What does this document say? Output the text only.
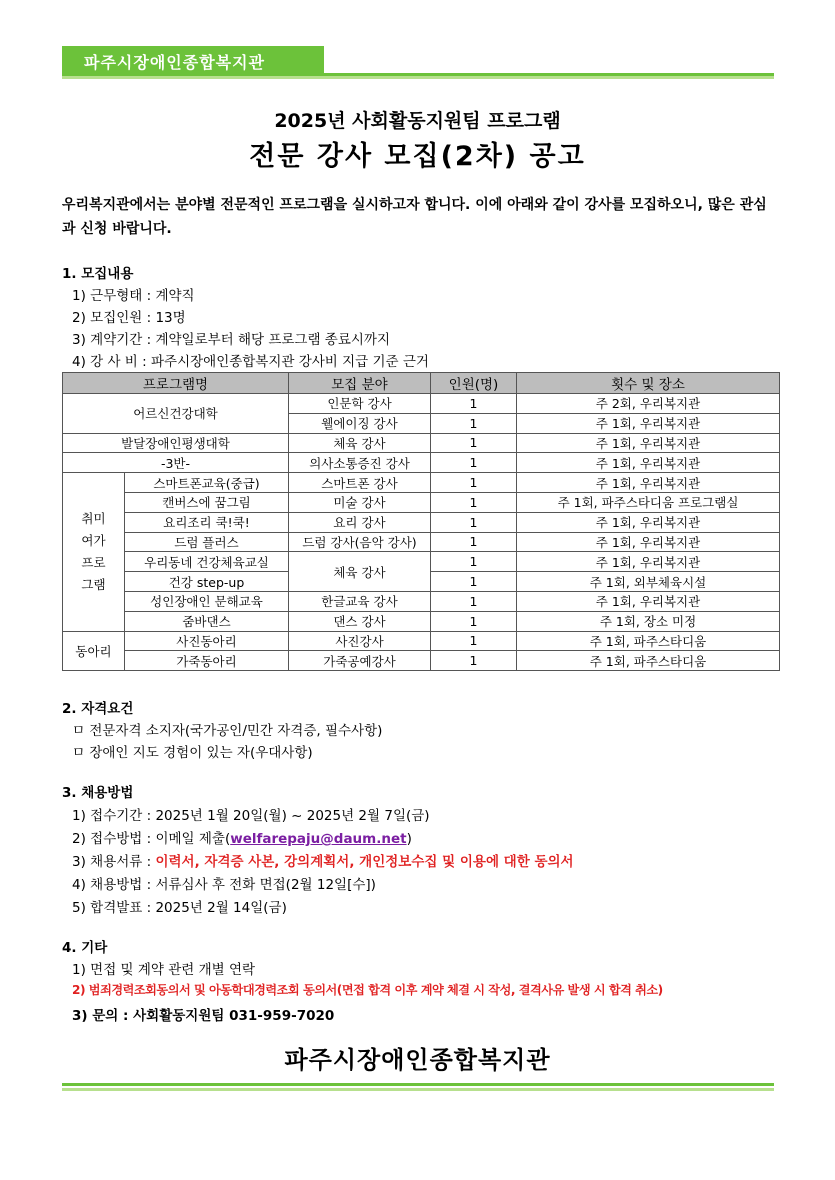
파주시장애인종합복지관
2025년 사회활동지원팀 프로그램
전문 강사 모집(2차) 공고
우리복지관에서는 분야별 전문적인 프로그램을 실시하고자 합니다. 이에 아래와 같이 강사를 모집하오니, 많은 관심과 신청 바랍니다.
1. 모집내용
1) 근무형태 : 계약직
2) 모집인원 : 13명
3) 계약기간 : 계약일로부터 해당 프로그램 종료시까지
4) 강 사 비 : 파주시장애인종합복지관 강사비 지급 기준 근거
프로그램명		모집 분야	인원(명)	횟수 및 장소
어르신건강대학		인문학 강사	1	주 2회, 우리복지관
		웰에이징 강사	1	주 1회, 우리복지관
발달장애인평생대학		체육 강사	1	주 1회, 우리복지관
-3반-		의사소통증진 강사	1	주 1회, 우리복지관

취미
여가
프로
그램	스마트폰교육(중급)	스마트폰 강사	1	주 1회, 우리복지관
	캔버스에 꿈그림	미술 강사	1	주 1회, 파주스타디움 프로그램실
	요리조리 쿡!쿡!	요리 강사	1	주 1회, 우리복지관
	드럼 플러스	드럼 강사(음악 강사)	1	주 1회, 우리복지관
	우리동네 건강체육교실	체육 강사	1	주 1회, 우리복지관
	건강 step-up		1	주 1회, 외부체육시설
	성인장애인 문해교육	한글교육 강사	1	주 1회, 우리복지관
	줌바댄스	댄스 강사	1	주 1회, 장소 미정
동아리	사진동아리	사진강사	1	주 1회, 파주스타디움
	가죽동아리	가죽공예강사	1	주 1회, 파주스타디움
2. 자격요건
ㅁ 전문자격 소지자(국가공인/민간 자격증, 필수사항)
ㅁ 장애인 지도 경험이 있는 자(우대사항)
3. 채용방법
1) 접수기간 : 2025년 1월 20일(월) ~ 2025년 2월 7일(금)
2) 접수방법 : 이메일 제출(welfarepaju@daum.net)
3) 채용서류 : 이력서, 자격증 사본, 강의계획서, 개인정보수집 및 이용에 대한 동의서
4) 채용방법 : 서류심사 후 전화 면접(2월 12일[수])
5) 합격발표 : 2025년 2월 14일(금)
4. 기타
1) 면접 및 계약 관련 개별 연락
2) 범죄경력조회동의서 및 아동학대경력조회 동의서(면접 합격 이후 계약 체결 시 작성, 결격사유 발생 시 합격 취소)
3) 문의 : 사회활동지원팀 031-959-7020
파주시장애인종합복지관
